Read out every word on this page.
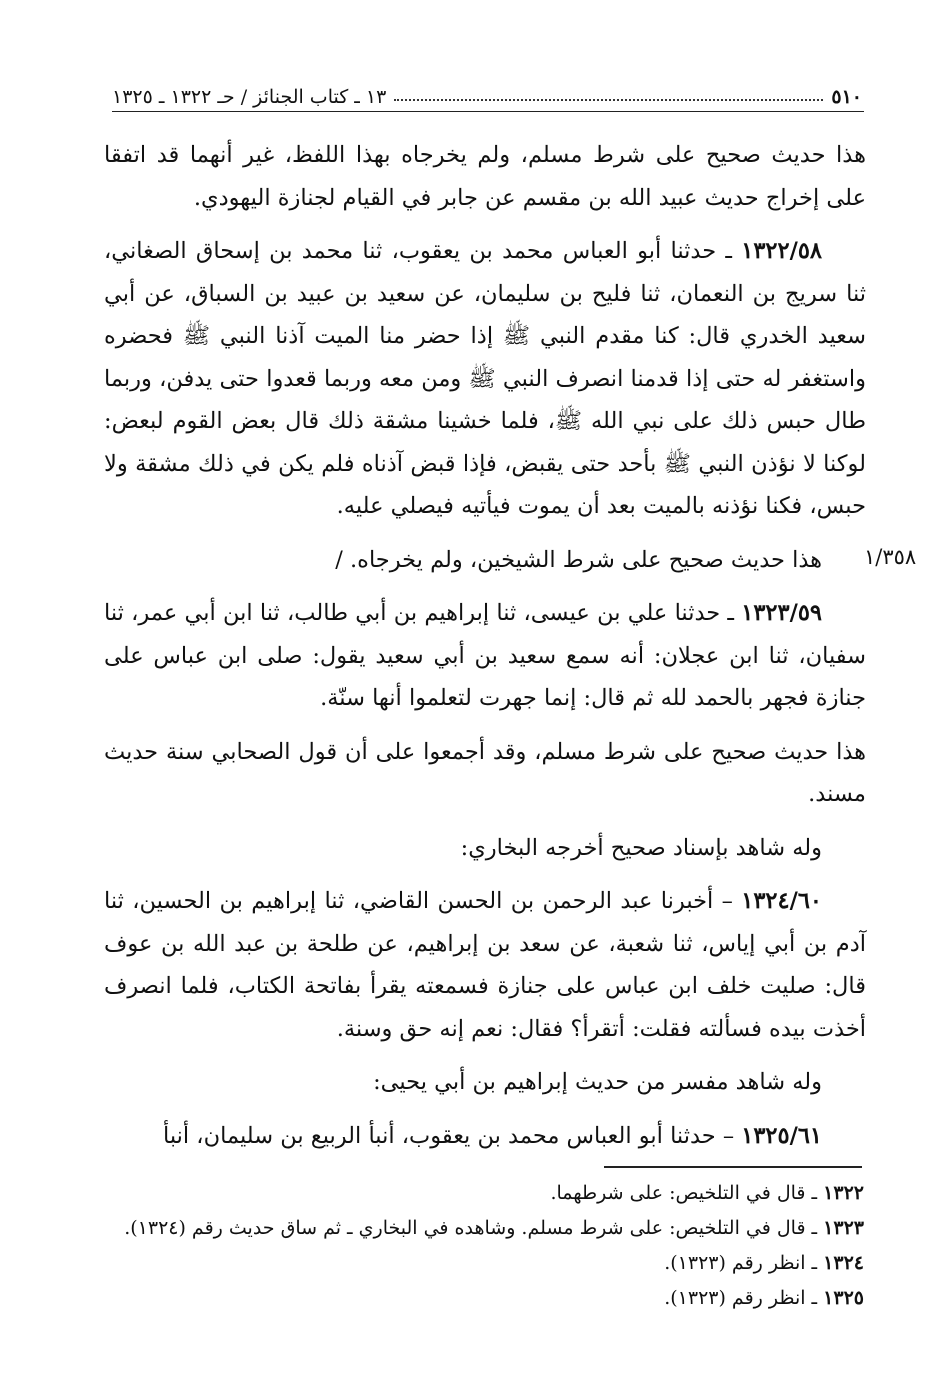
٥١٠
١٣ ـ كتاب الجنائز / حـ ١٣٢٢ ـ ١٣٢٥
١/٣٥٨

هذا حديث صحيح على شرط مسلم، ولم يخرجاه بهذا اللفظ، غير أنهما قد اتفقا على إخراج حديث عبيد الله بن مقسم عن جابر في القيام لجنازة اليهودي.

١٣٢٢/٥٨ ـ حدثنا أبو العباس محمد بن يعقوب، ثنا محمد بن إسحاق الصغاني، ثنا سريج بن النعمان، ثنا فليح بن سليمان، عن سعيد بن عبيد بن السباق، عن أبي سعيد الخدري قال: كنا مقدم النبي ﷺ إذا حضر منا الميت آذنا النبي ﷺ فحضره واستغفر له حتى إذا قدمنا انصرف النبي ﷺ ومن معه وربما قعدوا حتى يدفن، وربما طال حبس ذلك على نبي الله ﷺ، فلما خشينا مشقة ذلك قال بعض القوم لبعض: لوكنا لا نؤذن النبي ﷺ بأحد حتى يقبض، فإذا قبض آذناه فلم يكن في ذلك مشقة ولا حبس، فكنا نؤذنه بالميت بعد أن يموت فيأتيه فيصلي عليه.

هذا حديث صحيح على شرط الشيخين، ولم يخرجاه. /

١٣٢٣/٥٩ ـ حدثنا علي بن عيسى، ثنا إبراهيم بن أبي طالب، ثنا ابن أبي عمر، ثنا سفيان، ثنا ابن عجلان: أنه سمع سعيد بن أبي سعيد يقول: صلى ابن عباس على جنازة فجهر بالحمد لله ثم قال: إنما جهرت لتعلموا أنها سنّة.

هذا حديث صحيح على شرط مسلم، وقد أجمعوا على أن قول الصحابي سنة حديث مسند.

وله شاهد بإسناد صحيح أخرجه البخاري:

١٣٢٤/٦٠ – أخبرنا عبد الرحمن بن الحسن القاضي، ثنا إبراهيم بن الحسين، ثنا آدم بن أبي إياس، ثنا شعبة، عن سعد بن إبراهيم، عن طلحة بن عبد الله بن عوف قال: صليت خلف ابن عباس على جنازة فسمعته يقرأ بفاتحة الكتاب، فلما انصرف أخذت بيده فسألته فقلت: أتقرأ؟ فقال: نعم إنه حق وسنة.

وله شاهد مفسر من حديث إبراهيم بن أبي يحيى:

١٣٢٥/٦١ – حدثنا أبو العباس محمد بن يعقوب، أنبأ الربيع بن سليمان، أنبأ

١٣٢٢ ـ قال في التلخيص: على شرطهما.
١٣٢٣ ـ قال في التلخيص: على شرط مسلم. وشاهده في البخاري ـ ثم ساق حديث رقم (١٣٢٤).
١٣٢٤ ـ انظر رقم (١٣٢٣).
١٣٢٥ ـ انظر رقم (١٣٢٣).
